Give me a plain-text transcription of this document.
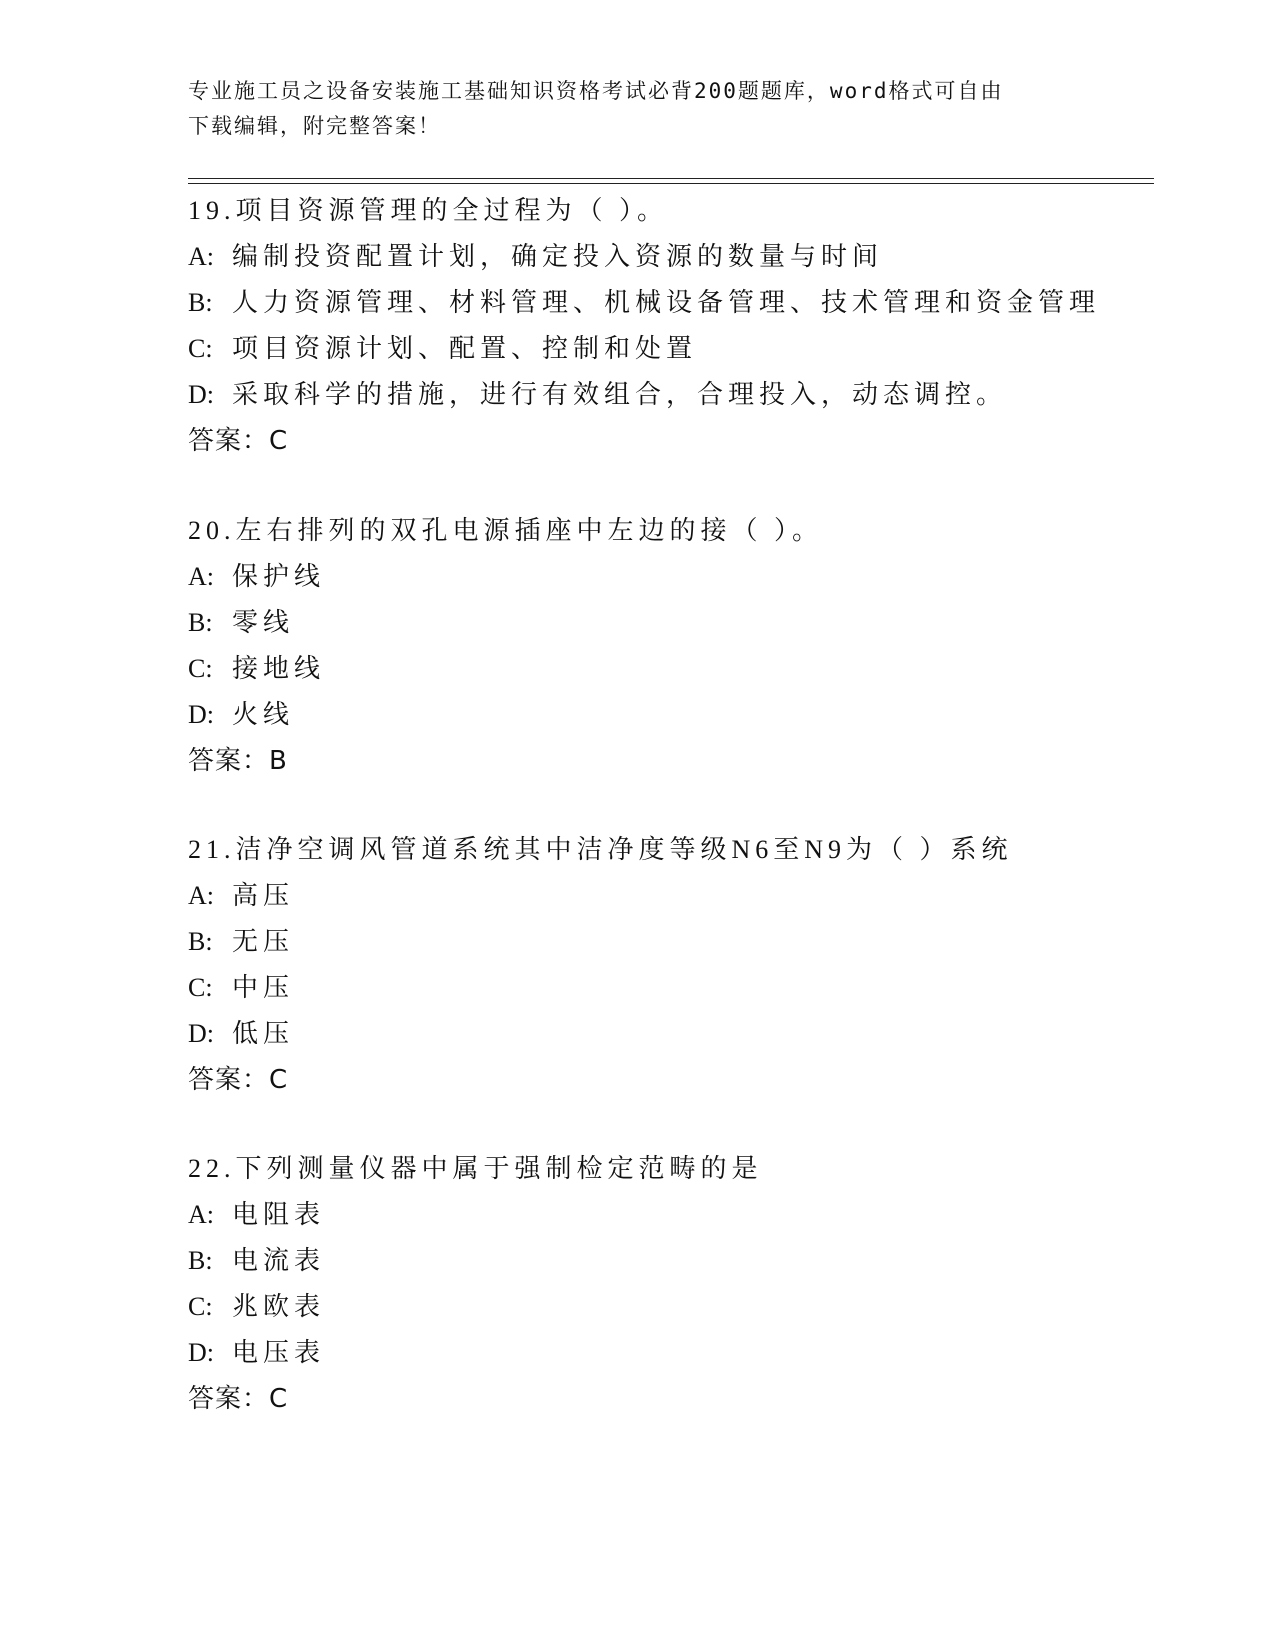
专业施工员之设备安装施工基础知识资格考试必背200题题库，word格式可自由
下载编辑，附完整答案！
19.项目资源管理的全过程为（ ）。
A: 编制投资配置计划，确定投入资源的数量与时间
B: 人力资源管理、材料管理、机械设备管理、技术管理和资金管理
C: 项目资源计划、配置、控制和处置
D: 采取科学的措施，进行有效组合，合理投入，动态调控。
答案：C
20.左右排列的双孔电源插座中左边的接（ ）。
A: 保护线
B: 零线
C: 接地线
D: 火线
答案：B
21.洁净空调风管道系统其中洁净度等级N6至N9为（ ）系统
A: 高压
B: 无压
C: 中压
D: 低压
答案：C
22.下列测量仪器中属于强制检定范畴的是
A: 电阻表
B: 电流表
C: 兆欧表
D: 电压表
答案：C
